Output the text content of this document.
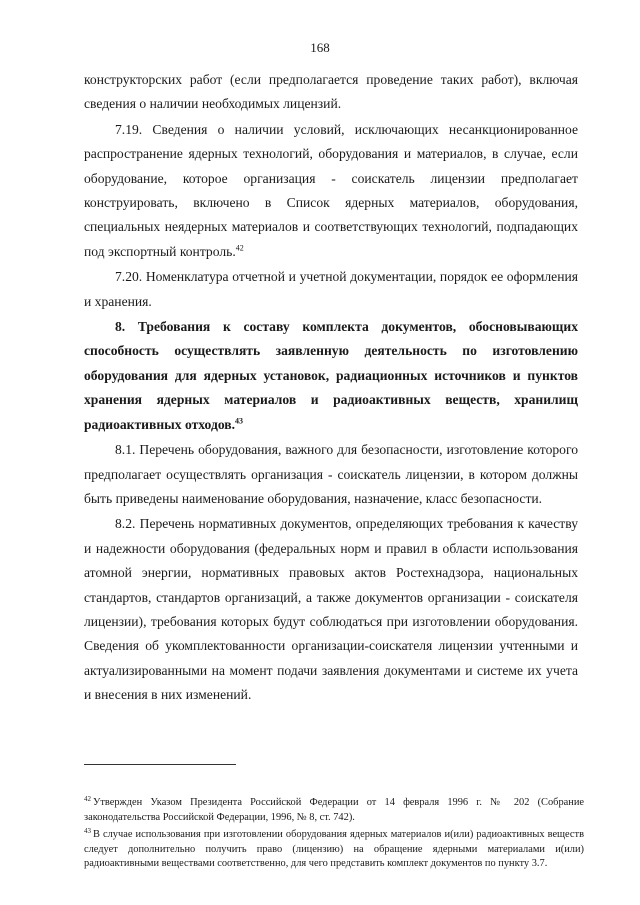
168

конструкторских работ (если предполагается проведение таких работ), включая сведения о наличии необходимых лицензий.

7.19. Сведения о наличии условий, исключающих несанкционированное распространение ядерных технологий, оборудования и материалов, в случае, если оборудование, которое организация - соискатель лицензии предполагает конструировать, включено в Список ядерных материалов, оборудования, специальных неядерных материалов и соответствующих технологий, подпадающих под экспортный контроль.$^{42}$

7.20. Номенклатура отчетной и учетной документации, порядок ее оформления и хранения.

8. Требования к составу комплекта документов, обосновывающих способность осуществлять заявленную деятельность по изготовлению оборудования для ядерных установок, радиационных источников и пунктов хранения ядерных материалов и радиоактивных веществ, хранилищ радиоактивных отходов.$^{43}$

8.1. Перечень оборудования, важного для безопасности, изготовление которого предполагает осуществлять организация - соискатель лицензии, в котором должны быть приведены наименование оборудования, назначение, класс безопасности.

8.2. Перечень нормативных документов, определяющих требования к качеству и надежности оборудования (федеральных норм и правил в области использования атомной энергии, нормативных правовых актов Ростехнадзора, национальных стандартов, стандартов организаций, а также документов организации - соискателя лицензии), требования которых будут соблюдаться при изготовлении оборудования. Сведения об укомплектованности организации-соискателя лицензии учтенными и актуализированными на момент подачи заявления документами и системе их учета и внесения в них изменений.

$^{42}$ Утвержден Указом Президента Российской Федерации от 14 февраля 1996 г. № 202 (Собрание законодательства Российской Федерации, 1996, № 8, ст. 742).

$^{43}$ В случае использования при изготовлении оборудования ядерных материалов и(или) радиоактивных веществ следует дополнительно получить право (лицензию) на обращение ядерными материалами и(или) радиоактивными веществами соответственно, для чего представить комплект документов по пункту 3.7.
